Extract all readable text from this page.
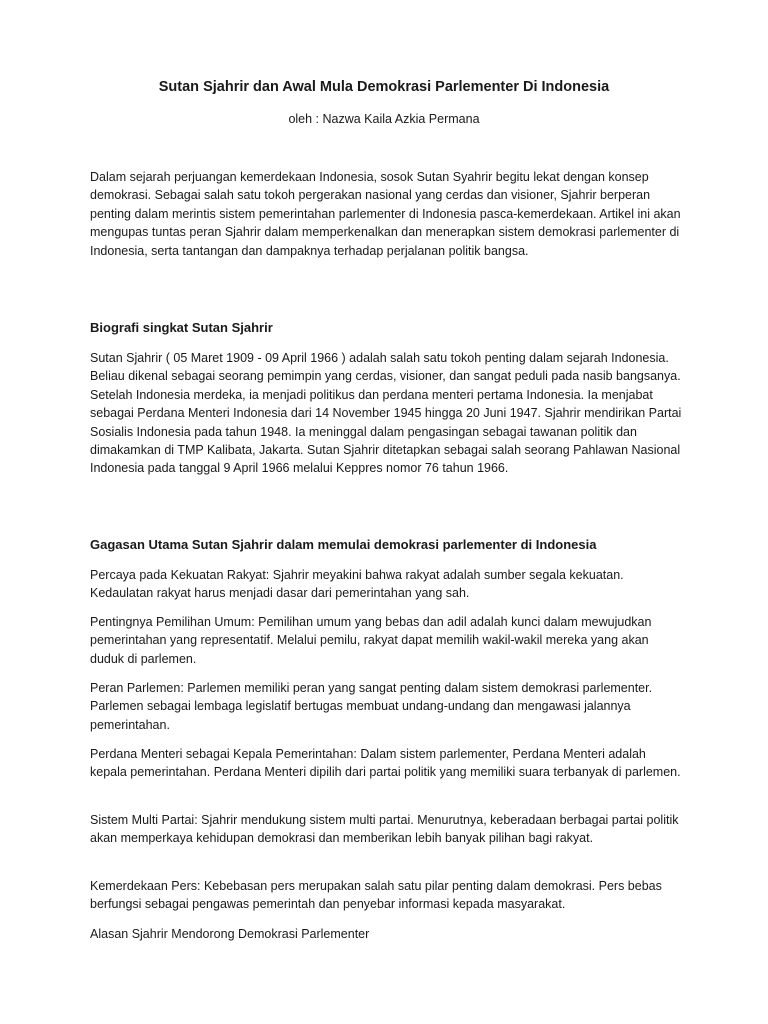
Sutan Sjahrir dan Awal Mula Demokrasi Parlementer Di Indonesia

oleh : Nazwa Kaila Azkia Permana

Dalam sejarah perjuangan kemerdekaan Indonesia, sosok Sutan Syahrir begitu lekat dengan konsep demokrasi. Sebagai salah satu tokoh pergerakan nasional yang cerdas dan visioner, Sjahrir berperan penting dalam merintis sistem pemerintahan parlementer di Indonesia pasca-kemerdekaan. Artikel ini akan mengupas tuntas peran Sjahrir dalam memperkenalkan dan menerapkan sistem demokrasi parlementer di Indonesia, serta tantangan dan dampaknya terhadap perjalanan politik bangsa.

Biografi singkat Sutan Sjahrir

Sutan Sjahrir ( 05 Maret 1909 - 09 April 1966 ) adalah salah satu tokoh penting dalam sejarah Indonesia. Beliau dikenal sebagai seorang pemimpin yang cerdas, visioner, dan sangat peduli pada nasib bangsanya. Setelah Indonesia merdeka, ia menjadi politikus dan perdana menteri pertama Indonesia. Ia menjabat sebagai Perdana Menteri Indonesia dari 14 November 1945 hingga 20 Juni 1947. Sjahrir mendirikan Partai Sosialis Indonesia pada tahun 1948. Ia meninggal dalam pengasingan sebagai tawanan politik dan dimakamkan di TMP Kalibata, Jakarta. Sutan Sjahrir ditetapkan sebagai salah seorang Pahlawan Nasional Indonesia pada tanggal 9 April 1966 melalui Keppres nomor 76 tahun 1966.

Gagasan Utama Sutan Sjahrir dalam memulai demokrasi parlementer di Indonesia

Percaya pada Kekuatan Rakyat: Sjahrir meyakini bahwa rakyat adalah sumber segala kekuatan. Kedaulatan rakyat harus menjadi dasar dari pemerintahan yang sah.

Pentingnya Pemilihan Umum: Pemilihan umum yang bebas dan adil adalah kunci dalam mewujudkan pemerintahan yang representatif. Melalui pemilu, rakyat dapat memilih wakil-wakil mereka yang akan duduk di parlemen.

Peran Parlemen: Parlemen memiliki peran yang sangat penting dalam sistem demokrasi parlementer. Parlemen sebagai lembaga legislatif bertugas membuat undang-undang dan mengawasi jalannya pemerintahan.

Perdana Menteri sebagai Kepala Pemerintahan: Dalam sistem parlementer, Perdana Menteri adalah kepala pemerintahan. Perdana Menteri dipilih dari partai politik yang memiliki suara terbanyak di parlemen.

Sistem Multi Partai: Sjahrir mendukung sistem multi partai. Menurutnya, keberadaan berbagai partai politik akan memperkaya kehidupan demokrasi dan memberikan lebih banyak pilihan bagi rakyat.

Kemerdekaan Pers: Kebebasan pers merupakan salah satu pilar penting dalam demokrasi. Pers bebas berfungsi sebagai pengawas pemerintah dan penyebar informasi kepada masyarakat.

Alasan Sjahrir Mendorong Demokrasi Parlementer
